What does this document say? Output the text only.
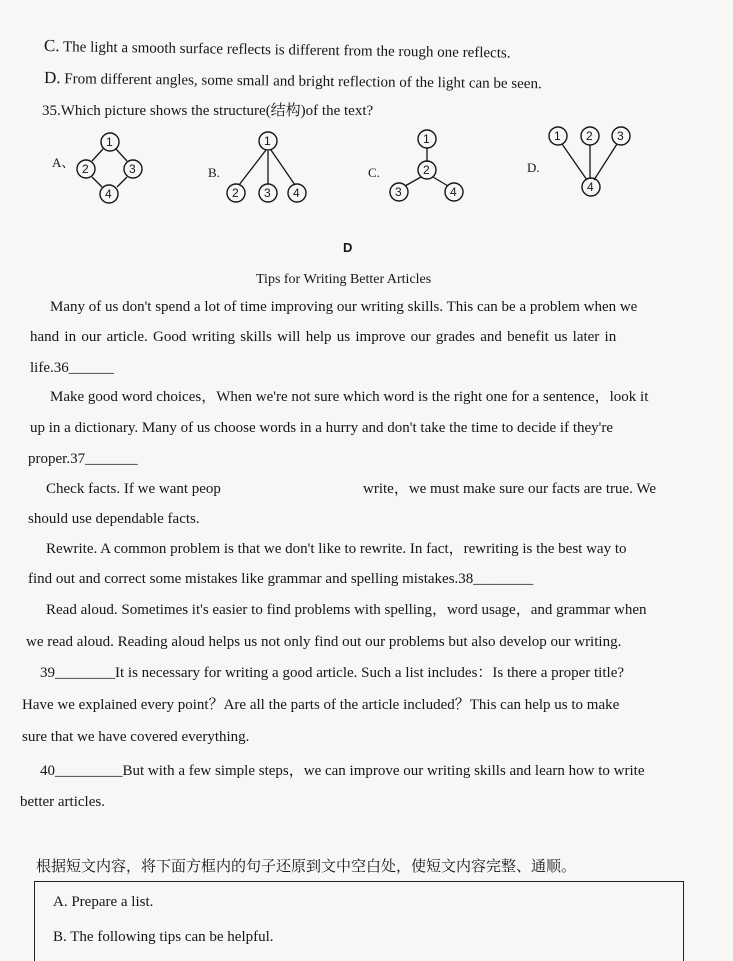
C. The light a smooth surface reflects is different from the rough one reflects.
D. From different angles, some small and bright reflection of the light can be seen.
35.Which picture shows the structure(结构)of the text?
A、
1
2	3
4
B.
1
2 3 4
C.
1
2
3	4
D.
1 2 3
4
D
Tips for Writing Better Articles
Many of us don't spend a lot of time improving our writing skills. This can be a problem when we
hand in our article. Good writing skills will help us improve our grades and benefit us later in
life.36______
Make good word choices，When we're not sure which word is the right one for a sentence，look it
up in a dictionary. Many of us choose words in a hurry and don't take the time to decide if they're
proper.37_______
Check facts. If we want peop	write，we must make sure our facts are true. We
should use dependable facts.
Rewrite. A common problem is that we don't like to rewrite. In fact，rewriting is the best way to
find out and correct some mistakes like grammar and spelling mistakes.38________
Read aloud. Sometimes it's easier to find problems with spelling，word usage，and grammar when
we read aloud. Reading aloud helps us not only find out our problems but also develop our writing.
39________It is necessary for writing a good article. Such a list includes：Is there a proper title?
Have we explained every point？Are all the parts of the article included？This can help us to make
sure that we have covered everything.
40_________But with a few simple steps，we can improve our writing skills and learn how to write
better articles.
根据短文内容，将下面方框内的句子还原到文中空白处，使短文内容完整、通顺。
A. Prepare a list.
B. The following tips can be helpful.
